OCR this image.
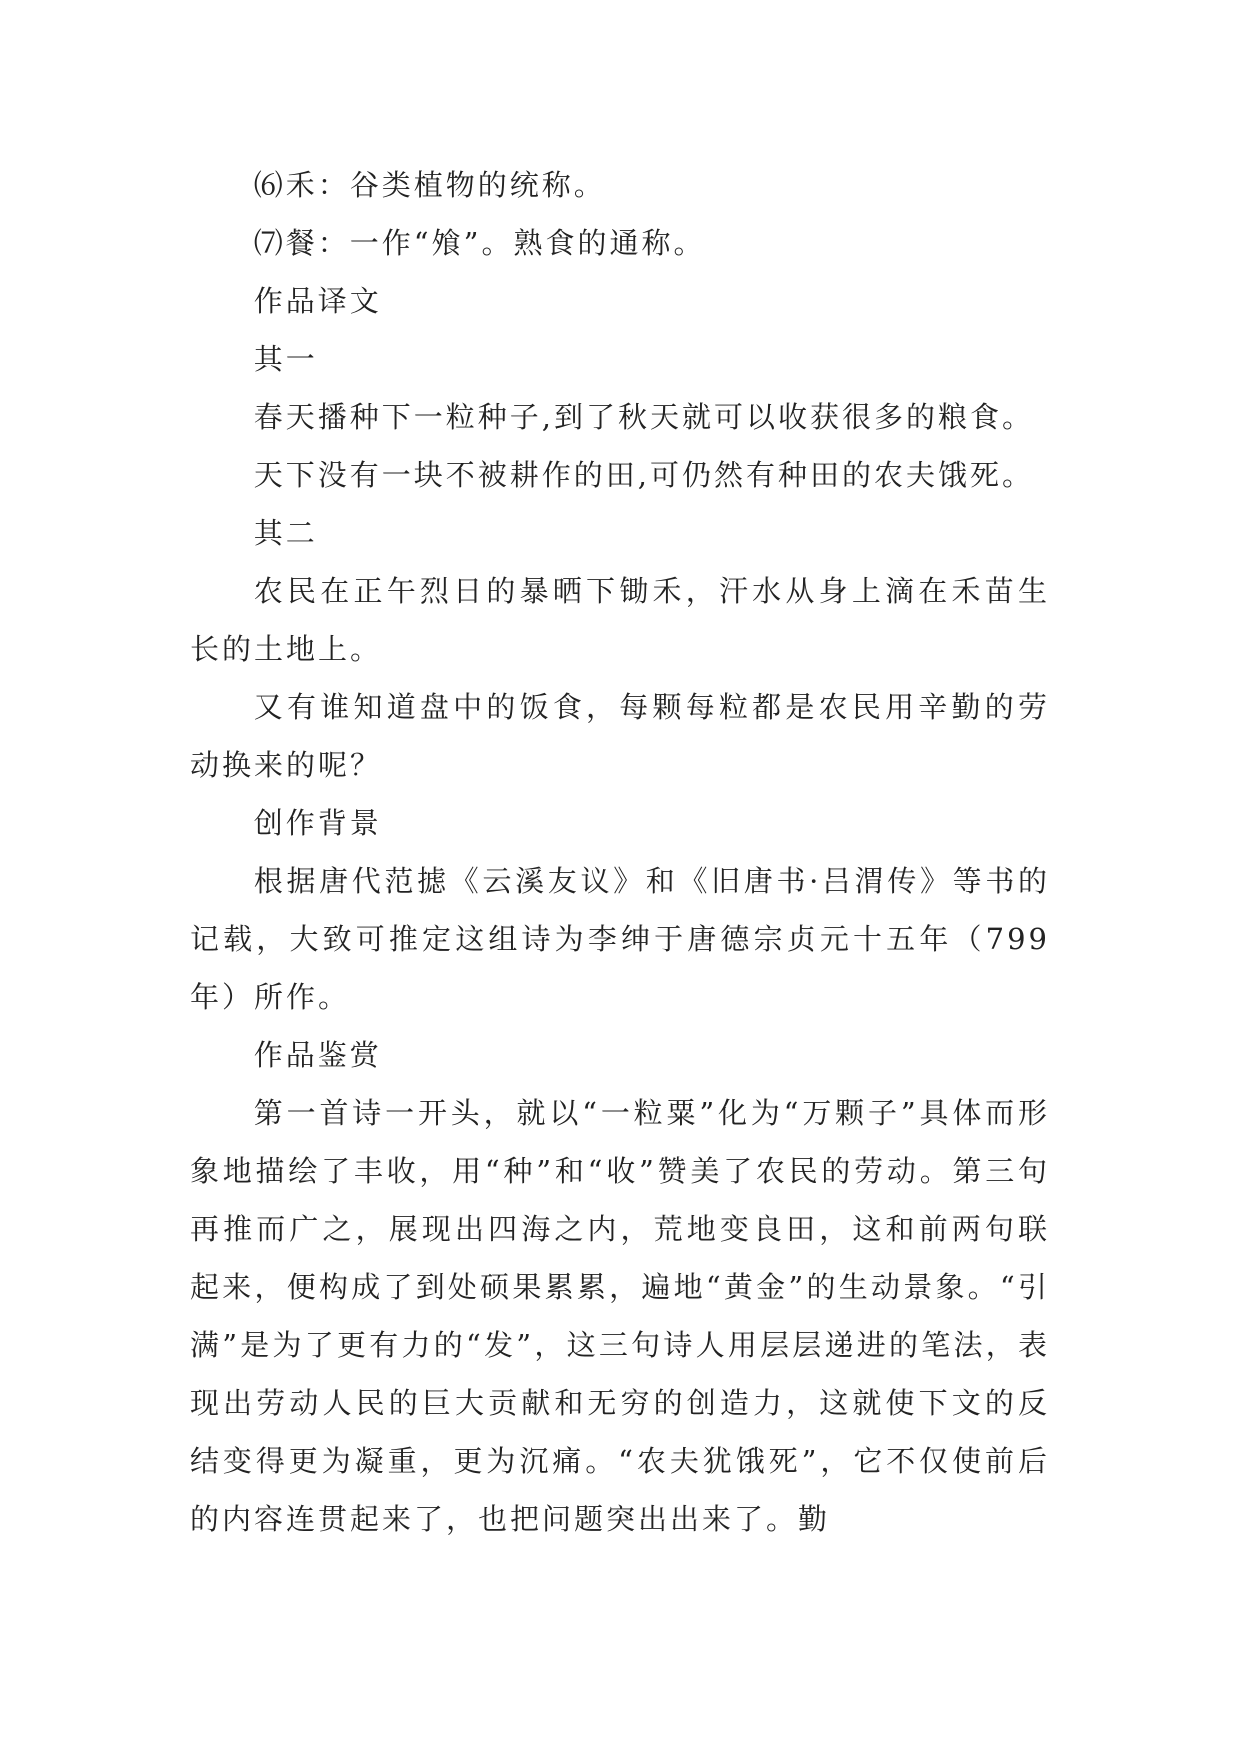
⑹禾：谷类植物的统称。

⑺餐：一作“飧”。熟食的通称。

作品译文

其一

春天播种下一粒种子,到了秋天就可以收获很多的粮食。

天下没有一块不被耕作的田,可仍然有种田的农夫饿死。

其二

农民在正午烈日的暴晒下锄禾，汗水从身上滴在禾苗生长的土地上。

又有谁知道盘中的饭食，每颗每粒都是农民用辛勤的劳动换来的呢？

创作背景

根据唐代范摅《云溪友议》和《旧唐书·吕渭传》等书的记载，大致可推定这组诗为李绅于唐德宗贞元十五年（799年）所作。

作品鉴赏

第一首诗一开头，就以“一粒粟”化为“万颗子”具体而形象地描绘了丰收，用“种”和“收”赞美了农民的劳动。第三句再推而广之，展现出四海之内，荒地变良田，这和前两句联起来，便构成了到处硕果累累，遍地“黄金”的生动景象。“引满”是为了更有力的“发”，这三句诗人用层层递进的笔法，表现出劳动人民的巨大贡献和无穷的创造力，这就使下文的反结变得更为凝重，更为沉痛。“农夫犹饿死”，它不仅使前后的内容连贯起来了，也把问题突出出来了。勤
